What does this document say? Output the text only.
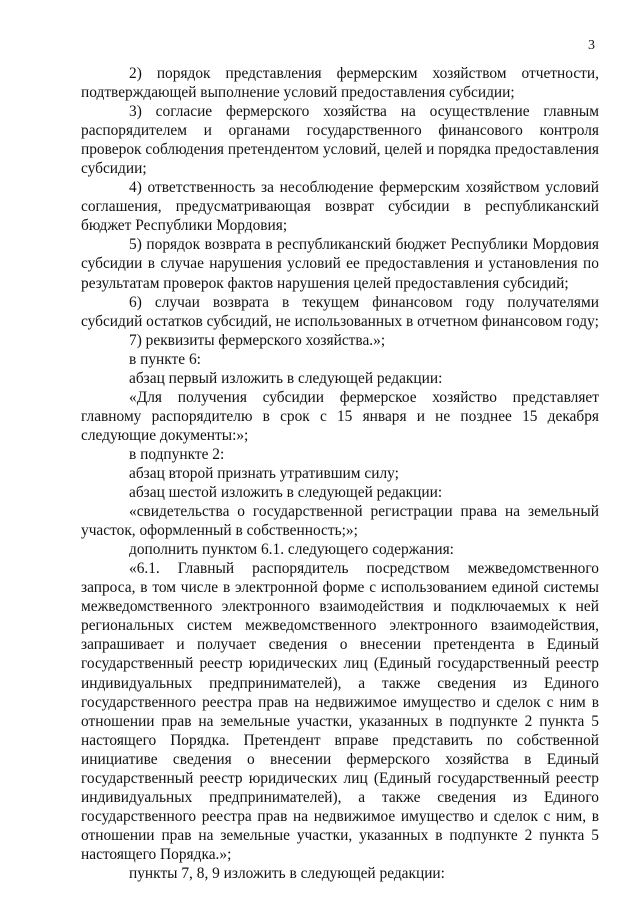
3

2) порядок представления фермерским хозяйством отчетности, подтверждающей выполнение условий предоставления субсидии;

3) согласие фермерского хозяйства на осуществление главным распорядителем и органами государственного финансового контроля проверок соблюдения претендентом условий, целей и порядка предоставления субсидии;

4) ответственность за несоблюдение фермерским хозяйством условий соглашения, предусматривающая возврат субсидии в республиканский бюджет Республики Мордовия;

5) порядок возврата в республиканский бюджет Республики Мордовия субсидии в случае нарушения условий ее предоставления и установления по результатам проверок фактов нарушения целей предоставления субсидий;

6) случаи возврата в текущем финансовом году получателями субсидий остатков субсидий, не использованных в отчетном финансовом году;

7) реквизиты фермерского хозяйства.»;

в пункте 6:

абзац первый изложить в следующей редакции:

«Для получения субсидии фермерское хозяйство представляет главному распорядителю в срок с 15 января и не позднее 15 декабря следующие документы:»;

в подпункте 2:

абзац второй признать утратившим силу;

абзац шестой изложить в следующей редакции:

«свидетельства о государственной регистрации права на земельный участок, оформленный в собственность;»;

дополнить пунктом 6.1. следующего содержания:

«6.1. Главный распорядитель посредством межведомственного запроса, в том числе в электронной форме с использованием единой системы межведомственного электронного взаимодействия и подключаемых к ней региональных систем межведомственного электронного взаимодействия, запрашивает и получает сведения о внесении претендента в Единый государственный реестр юридических лиц (Единый государственный реестр индивидуальных предпринимателей), а также сведения из Единого государственного реестра прав на недвижимое имущество и сделок с ним в отношении прав на земельные участки, указанных в подпункте 2 пункта 5 настоящего Порядка. Претендент вправе представить по собственной инициативе сведения о внесении фермерского хозяйства в Единый государственный реестр юридических лиц (Единый государственный реестр индивидуальных предпринимателей), а также сведения из Единого государственного реестра прав на недвижимое имущество и сделок с ним, в отношении прав на земельные участки, указанных в подпункте 2 пункта 5 настоящего Порядка.»;

пункты 7, 8, 9 изложить в следующей редакции:
